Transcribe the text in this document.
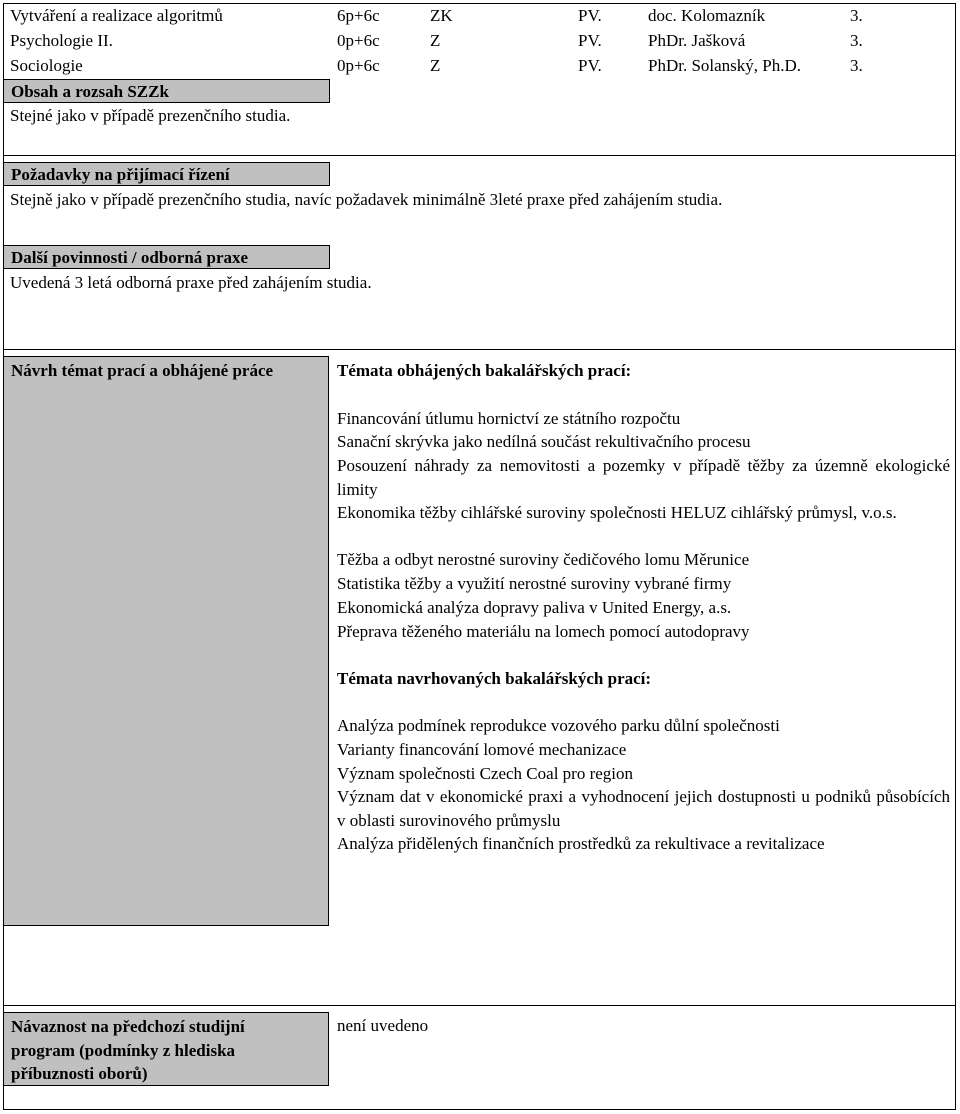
Vytváření a realizace algoritmů	6p+6c	ZK	PV.	doc. Kolomazník	3.
Psychologie II.	0p+6c	Z	PV.	PhDr. Jašková	3.
Sociologie	0p+6c	Z	PV.	PhDr. Solanský, Ph.D.	3.
Obsah a rozsah SZZk
Stejné jako v případě prezenčního studia.
Požadavky na přijímací řízení
Stejně jako v případě prezenčního studia, navíc požadavek minimálně 3leté praxe před zahájením studia.
Další povinnosti / odborná praxe
Uvedená 3 letá odborná praxe před zahájením studia.
Návrh témat prací a obhájené práce	Témata obhájených bakalářských prací:
Financování útlumu hornictví ze státního rozpočtu
Sanační skrývka jako nedílná součást rekultivačního procesu
Posouzení náhrady za nemovitosti a pozemky v případě těžby za územně ekologické limity
Ekonomika těžby cihlářské suroviny společnosti HELUZ cihlářský průmysl, v.o.s.
Těžba a odbyt nerostné suroviny čedičového lomu Měrunice
Statistika těžby a využití nerostné suroviny vybrané firmy
Ekonomická analýza dopravy paliva v United Energy, a.s.
Přeprava těženého materiálu na lomech pomocí autodopravy
Témata navrhovaných bakalářských prací:
Analýza podmínek reprodukce vozového parku důlní společnosti
Varianty financování lomové mechanizace
Význam společnosti Czech Coal pro region
Význam dat v ekonomické praxi a vyhodnocení jejich dostupnosti u podniků působících v oblasti surovinového průmyslu
Analýza přidělených finančních prostředků za rekultivace a revitalizace
Návaznost na předchozí studijní program (podmínky z hlediska příbuznosti oborů)
není uvedeno
